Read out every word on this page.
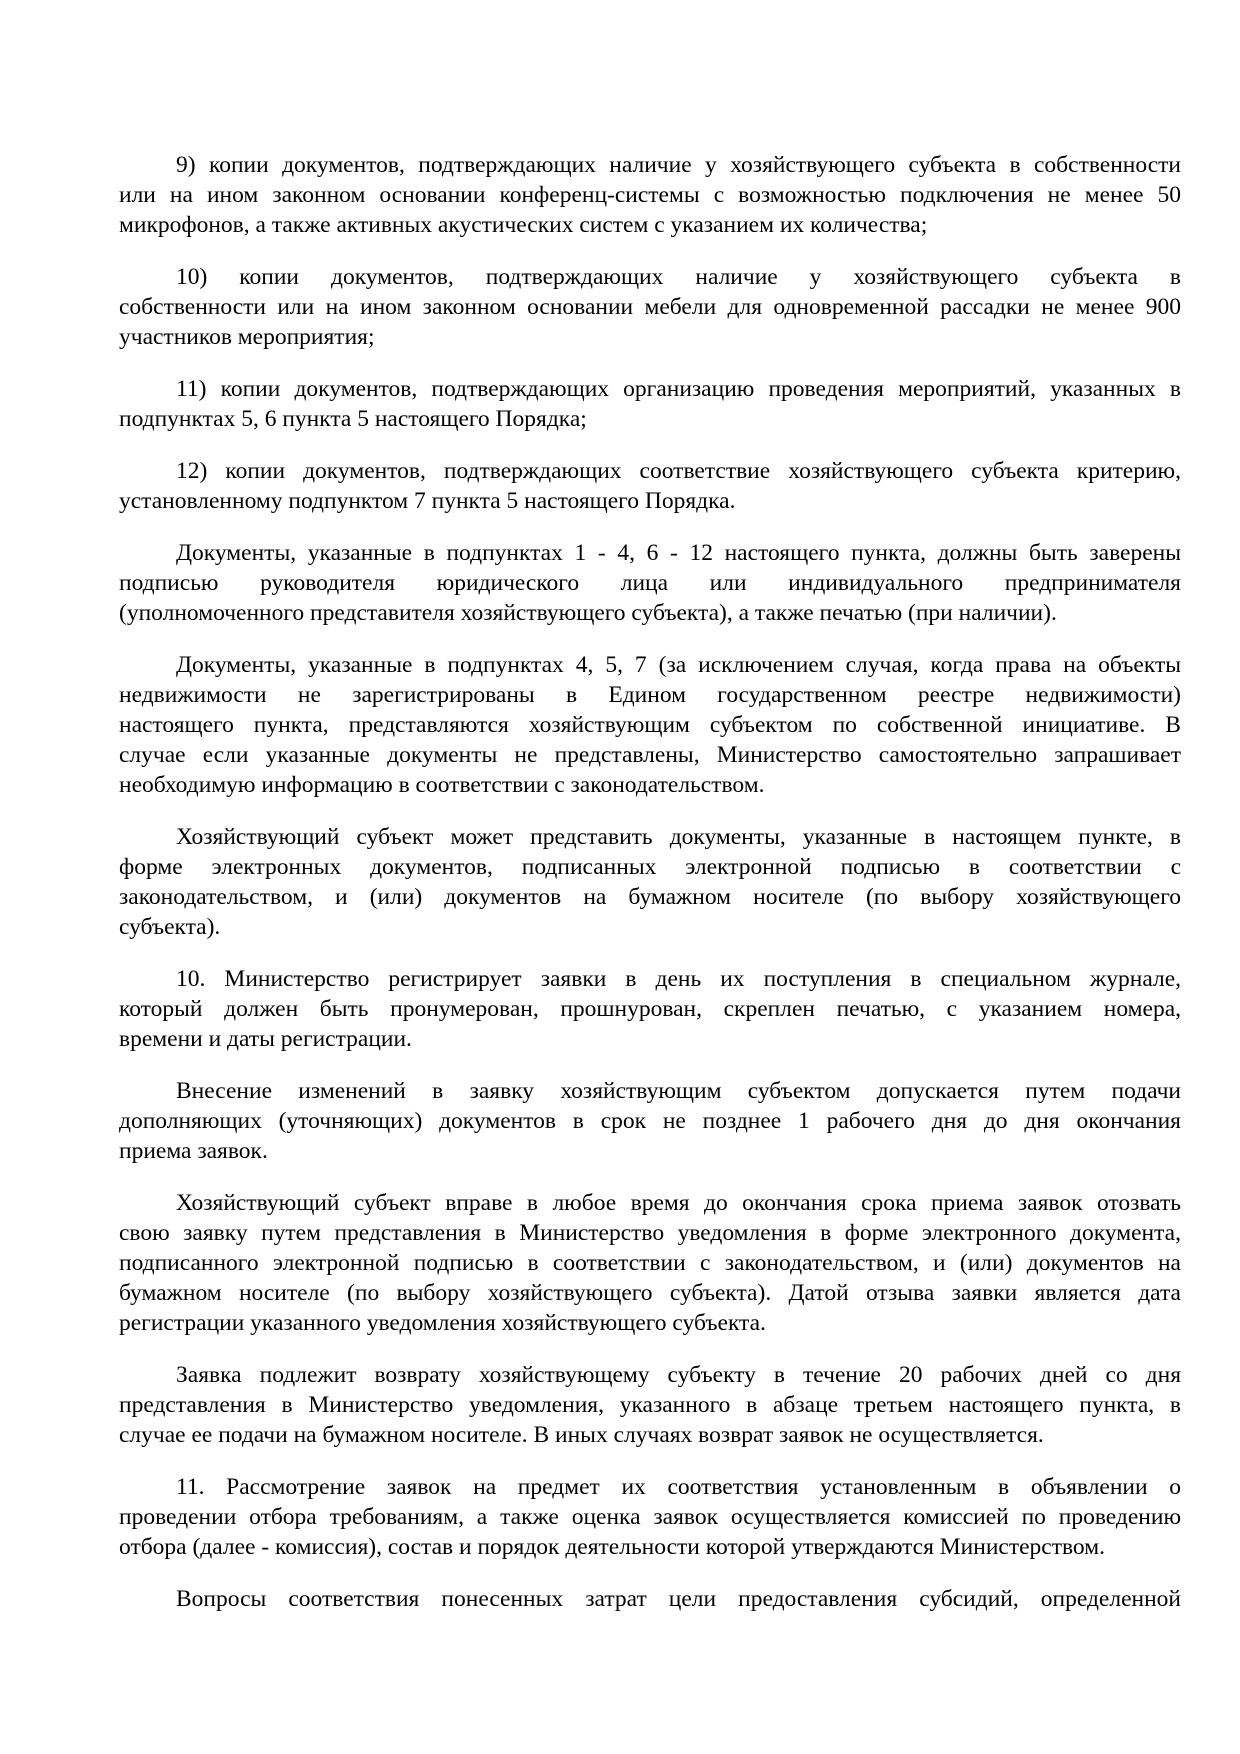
9) копии документов, подтверждающих наличие у хозяйствующего субъекта в собственности
или на ином законном основании конференц-системы с возможностью подключения не менее 50
микрофонов, а также активных акустических систем с указанием их количества;
10) копии документов, подтверждающих наличие у хозяйствующего субъекта в
собственности или на ином законном основании мебели для одновременной рассадки не менее 900
участников мероприятия;
11) копии документов, подтверждающих организацию проведения мероприятий, указанных в
подпунктах 5, 6 пункта 5 настоящего Порядка;
12) копии документов, подтверждающих соответствие хозяйствующего субъекта критерию,
установленному подпунктом 7 пункта 5 настоящего Порядка.
Документы, указанные в подпунктах 1 - 4, 6 - 12 настоящего пункта, должны быть заверены
подписью руководителя юридического лица или индивидуального предпринимателя
(уполномоченного представителя хозяйствующего субъекта), а также печатью (при наличии).
Документы, указанные в подпунктах 4, 5, 7 (за исключением случая, когда права на объекты
недвижимости не зарегистрированы в Едином государственном реестре недвижимости)
настоящего пункта, представляются хозяйствующим субъектом по собственной инициативе. В
случае если указанные документы не представлены, Министерство самостоятельно запрашивает
необходимую информацию в соответствии с законодательством.
Хозяйствующий субъект может представить документы, указанные в настоящем пункте, в
форме электронных документов, подписанных электронной подписью в соответствии с
законодательством, и (или) документов на бумажном носителе (по выбору хозяйствующего
субъекта).
10. Министерство регистрирует заявки в день их поступления в специальном журнале,
который должен быть пронумерован, прошнурован, скреплен печатью, с указанием номера,
времени и даты регистрации.
Внесение изменений в заявку хозяйствующим субъектом допускается путем подачи
дополняющих (уточняющих) документов в срок не позднее 1 рабочего дня до дня окончания
приема заявок.
Хозяйствующий субъект вправе в любое время до окончания срока приема заявок отозвать
свою заявку путем представления в Министерство уведомления в форме электронного документа,
подписанного электронной подписью в соответствии с законодательством, и (или) документов на
бумажном носителе (по выбору хозяйствующего субъекта). Датой отзыва заявки является дата
регистрации указанного уведомления хозяйствующего субъекта.
Заявка подлежит возврату хозяйствующему субъекту в течение 20 рабочих дней со дня
представления в Министерство уведомления, указанного в абзаце третьем настоящего пункта, в
случае ее подачи на бумажном носителе. В иных случаях возврат заявок не осуществляется.
11. Рассмотрение заявок на предмет их соответствия установленным в объявлении о
проведении отбора требованиям, а также оценка заявок осуществляется комиссией по проведению
отбора (далее - комиссия), состав и порядок деятельности которой утверждаются Министерством.
Вопросы соответствия понесенных затрат цели предоставления субсидий, определенной
